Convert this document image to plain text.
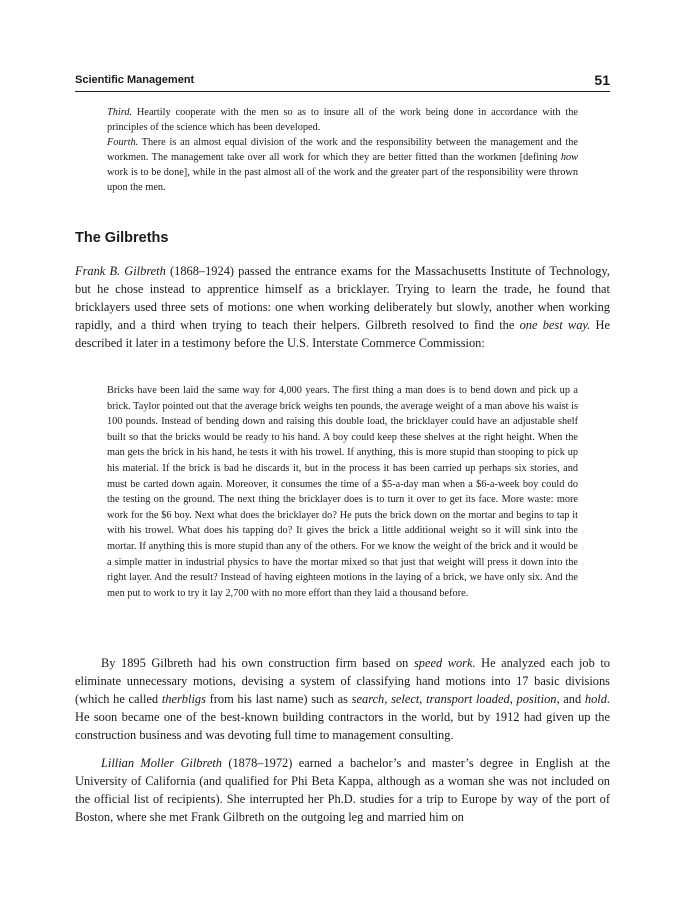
Scientific Management	51

Third. Heartily cooperate with the men so as to insure all of the work being done in accordance with the principles of the science which has been developed.

Fourth. There is an almost equal division of the work and the responsibility between the management and the workmen. The management take over all work for which they are better fitted than the workmen [defining how work is to be done], while in the past almost all of the work and the greater part of the responsibility were thrown upon the men.

The Gilbreths

Frank B. Gilbreth (1868–1924) passed the entrance exams for the Massachusetts Institute of Technology, but he chose instead to apprentice himself as a bricklayer. Trying to learn the trade, he found that bricklayers used three sets of motions: one when working deliberately but slowly, another when working rapidly, and a third when trying to teach their helpers. Gilbreth resolved to find the one best way. He described it later in a testimony before the U.S. Interstate Commerce Commission:

Bricks have been laid the same way for 4,000 years. The first thing a man does is to bend down and pick up a brick. Taylor pointed out that the average brick weighs ten pounds, the average weight of a man above his waist is 100 pounds. Instead of bending down and raising this double load, the bricklayer could have an adjustable shelf built so that the bricks would be ready to his hand. A boy could keep these shelves at the right height. When the man gets the brick in his hand, he tests it with his trowel. If anything, this is more stupid than stooping to pick up his material. If the brick is bad he discards it, but in the process it has been carried up perhaps six stories, and must be carted down again. Moreover, it consumes the time of a $5-a-day man when a $6-a-week boy could do the testing on the ground. The next thing the bricklayer does is to turn it over to get its face. More waste: more work for the $6 boy. Next what does the bricklayer do? He puts the brick down on the mortar and begins to tap it with his trowel. What does his tapping do? It gives the brick a little additional weight so it will sink into the mortar. If anything this is more stupid than any of the others. For we know the weight of the brick and it would be a simple matter in industrial physics to have the mortar mixed so that just that weight will press it down into the right layer. And the result? Instead of having eighteen motions in the laying of a brick, we have only six. And the men put to work to try it lay 2,700 with no more effort than they laid a thousand before.

By 1895 Gilbreth had his own construction firm based on speed work. He analyzed each job to eliminate unnecessary motions, devising a system of classifying hand motions into 17 basic divisions (which he called therbligs from his last name) such as search, select, transport loaded, position, and hold. He soon became one of the best-known building contractors in the world, but by 1912 had given up the construction business and was devoting full time to management consulting.

Lillian Moller Gilbreth (1878–1972) earned a bachelor’s and master’s degree in English at the University of California (and qualified for Phi Beta Kappa, although as a woman she was not included on the official list of recipients). She interrupted her Ph.D. studies for a trip to Europe by way of the port of Boston, where she met Frank Gilbreth on the outgoing leg and married him on
